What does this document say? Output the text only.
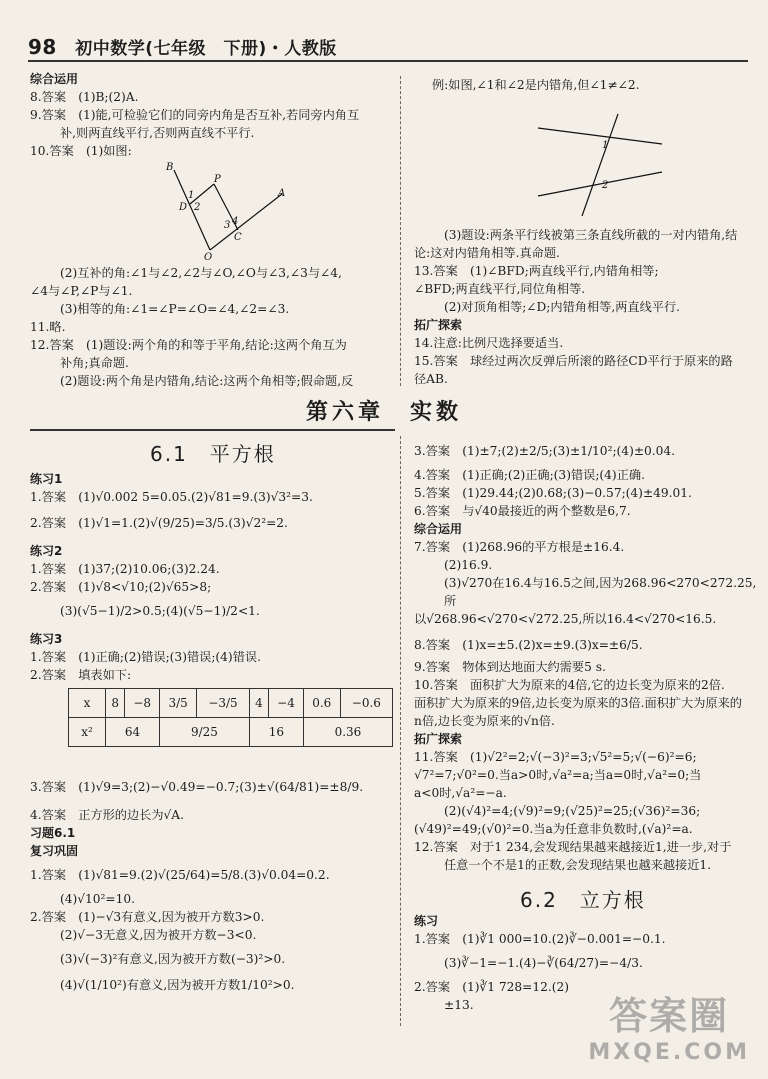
98 初中数学(七年级　下册)・人教版

综合运用

8.答案　(1)B;(2)A.

9.答案　(1)能,可检验它们的同旁内角是否互补,若同旁内角互

补,则两直线平行,否则两直线不平行.

10.答案　(1)如图:

B
P
A
D
C
O
1
2
3 4

(2)互补的角:∠1与∠2,∠2与∠O,∠O与∠3,∠3与∠4,

∠4与∠P,∠P与∠1.

(3)相等的角:∠1=∠P=∠O=∠4,∠2=∠3.

11.略.

12.答案　(1)题设:两个角的和等于平角,结论:这两个角互为

补角;真命题.

(2)题设:两个角是内错角,结论:这两个角相等;假命题,反

例:如图,∠1和∠2是内错角,但∠1≠∠2.

1
2

(3)题设:两条平行线被第三条直线所截的一对内错角,结

论:这对内错角相等.真命题.

13.答案　(1)∠BFD;两直线平行,内错角相等;

∠BFD;两直线平行,同位角相等.

(2)对顶角相等;∠D;内错角相等,两直线平行.

拓广探索

14.注意:比例尺选择要适当.

15.答案　球经过两次反弹后所滚的路径CD平行于原来的路

径AB.

第六章　实数
6.1　平方根

练习1

1.答案　(1)√0.002 5=0.05.(2)√81=9.(3)√3²=3.

2.答案　(1)√1=1.(2)√(9/25)=3/5.(3)√2²=2.

练习2

1.答案　(1)37;(2)10.06;(3)2.24.

2.答案　(1)√8<√10;(2)√65>8;

(3)(√5−1)/2>0.5;(4)(√5−1)/2<1.

练习3

1.答案　(1)正确;(2)错误;(3)错误;(4)错误.

2.答案　填表如下:

x	8	−8	3/5	−3/5	4	−4	0.6	−0.6
x²	64		9/25		16		0.36	

3.答案　(1)√9=3;(2)−√0.49=−0.7;(3)±√(64/81)=±8/9.

4.答案　正方形的边长为√A.

习题6.1

复习巩固

1.答案　(1)√81=9.(2)√(25/64)=5/8.(3)√0.04=0.2.

(4)√10²=10.

2.答案　(1)−√3有意义,因为被开方数3>0.

(2)√−3无意义,因为被开方数−3<0.

(3)√(−3)²有意义,因为被开方数(−3)²>0.

(4)√(1/10²)有意义,因为被开方数1/10²>0.

3.答案　(1)±7;(2)±2/5;(3)±1/10²;(4)±0.04.

4.答案　(1)正确;(2)正确;(3)错误;(4)正确.

5.答案　(1)29.44;(2)0.68;(3)−0.57;(4)±49.01.

6.答案　与√40最接近的两个整数是6,7.

综合运用

7.答案　(1)268.96的平方根是±16.4.

(2)16.9.

(3)√270在16.4与16.5之间,因为268.96<270<272.25,所

以√268.96<√270<√272.25,所以16.4<√270<16.5.

8.答案　(1)x=±5.(2)x=±9.(3)x=±6/5.

9.答案　物体到达地面大约需要5 s.

10.答案　面积扩大为原来的4倍,它的边长变为原来的2倍.

面积扩大为原来的9倍,边长变为原来的3倍.面积扩大为原来的

n倍,边长变为原来的√n倍.

拓广探索

11.答案　(1)√2²=2;√(−3)²=3;√5²=5;√(−6)²=6;

√7²=7;√0²=0.当a>0时,√a²=a;当a=0时,√a²=0;当

a<0时,√a²=−a.

(2)(√4)²=4;(√9)²=9;(√25)²=25;(√36)²=36;

(√49)²=49;(√0)²=0.当a为任意非负数时,(√a)²=a.

12.答案　对于1 234,会发现结果越来越接近1,进一步,对于

任意一个不是1的正数,会发现结果也越来越接近1.

6.2　立方根

练习

1.答案　(1)∛1 000=10.(2)∛−0.001=−0.1.

(3)∛−1=−1.(4)−∛(64/27)=−4/3.

2.答案　(1)∛1 728=12.(2)

±13.	答案圈
MXQE.COM
